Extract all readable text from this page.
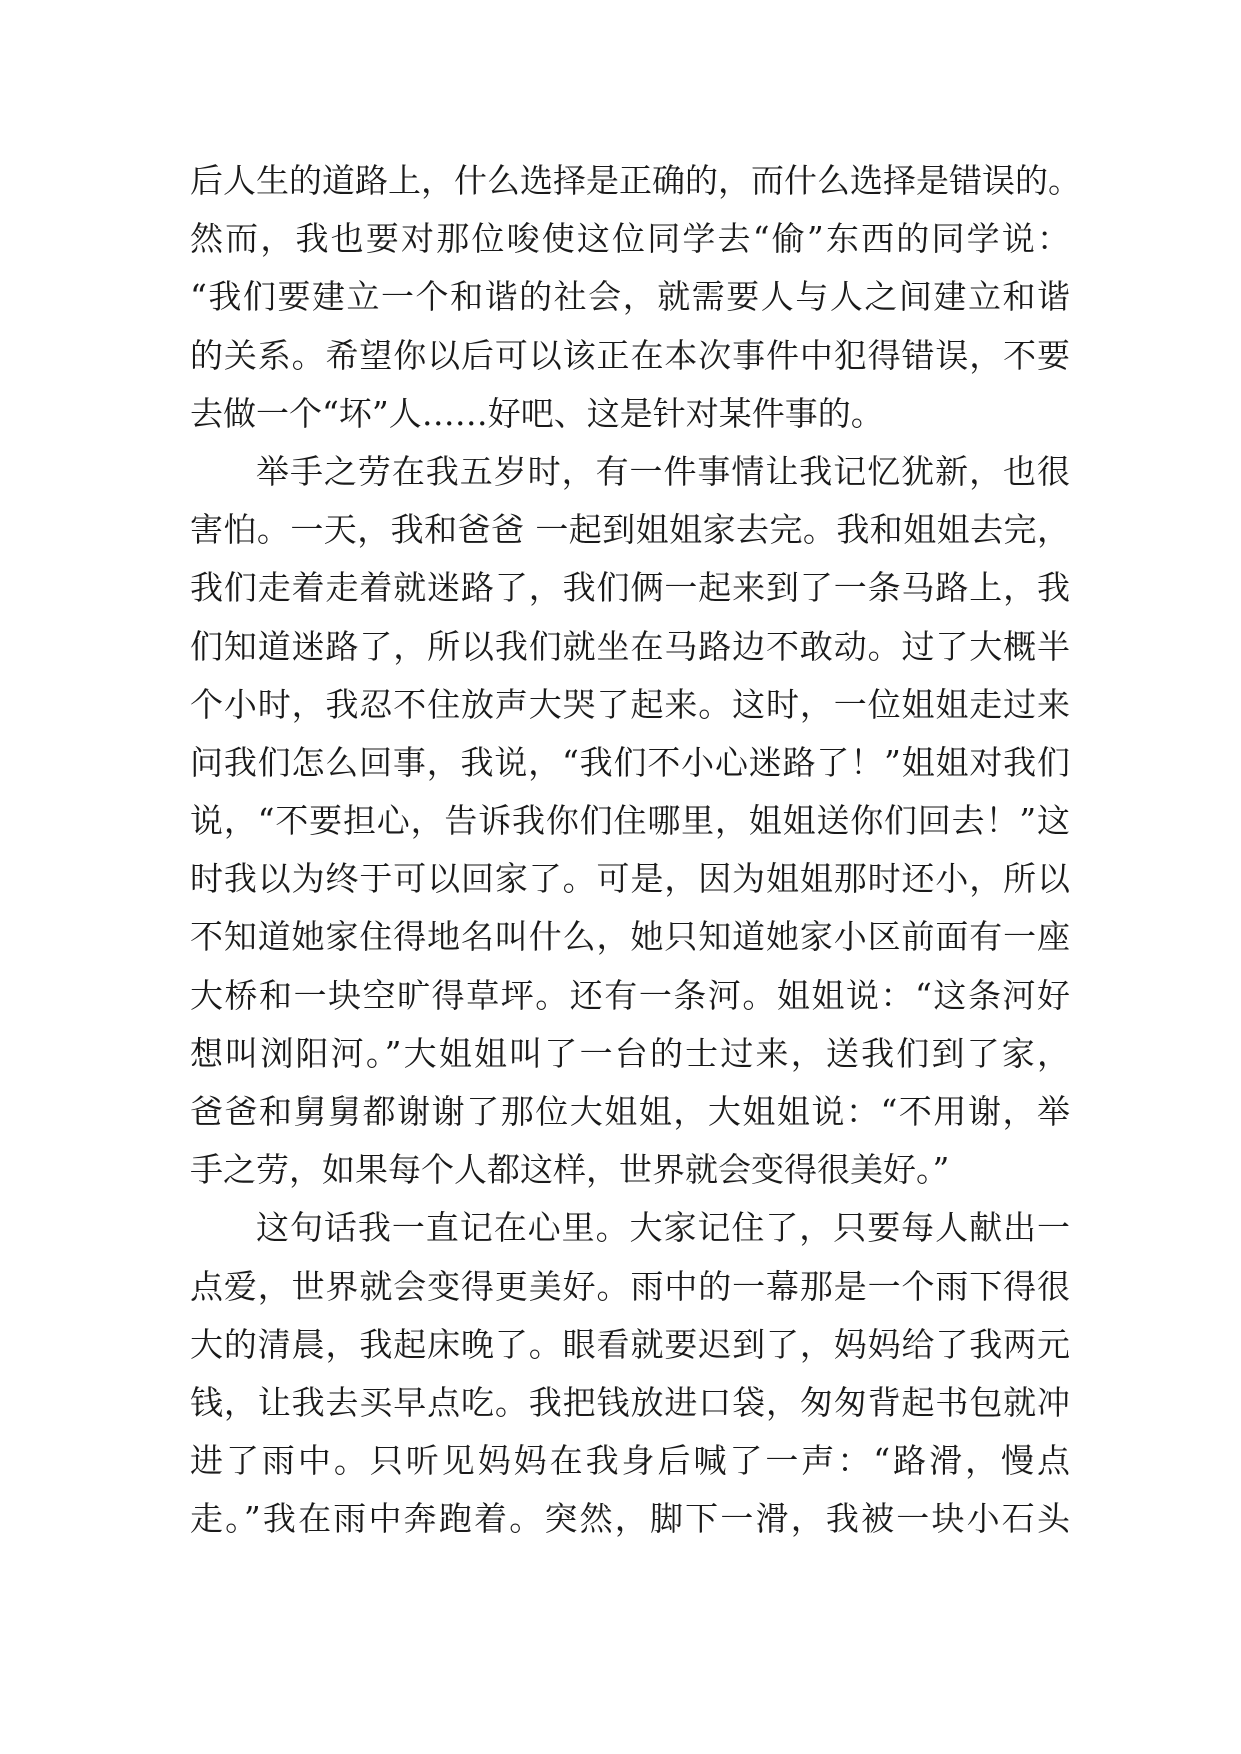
后人生的道路上，什么选择是正确的，而什么选择是错误的。
然而，我也要对那位唆使这位同学去“偷”东西的同学说：
“我们要建立一个和谐的社会，就需要人与人之间建立和谐
的关系。希望你以后可以该正在本次事件中犯得错误，不要
去做一个“坏”人……好吧、这是针对某件事的。
举手之劳在我五岁时，有一件事情让我记忆犹新，也很
害怕。一天，我和爸爸 一起到姐姐家去完。我和姐姐去完，
我们走着走着就迷路了，我们俩一起来到了一条马路上，我
们知道迷路了，所以我们就坐在马路边不敢动。过了大概半
个小时，我忍不住放声大哭了起来。这时，一位姐姐走过来
问我们怎么回事，我说，“我们不小心迷路了！”姐姐对我们
说，“不要担心，告诉我你们住哪里，姐姐送你们回去！”这
时我以为终于可以回家了。可是，因为姐姐那时还小，所以
不知道她家住得地名叫什么，她只知道她家小区前面有一座
大桥和一块空旷得草坪。还有一条河。姐姐说：“这条河好
想叫浏阳河。”大姐姐叫了一台的士过来，送我们到了家，
爸爸和舅舅都谢谢了那位大姐姐，大姐姐说：“不用谢，举
手之劳，如果每个人都这样，世界就会变得很美好。”
这句话我一直记在心里。大家记住了，只要每人献出一
点爱，世界就会变得更美好。雨中的一幕那是一个雨下得很
大的清晨，我起床晚了。眼看就要迟到了，妈妈给了我两元
钱，让我去买早点吃。我把钱放进口袋，匆匆背起书包就冲
进了雨中。只听见妈妈在我身后喊了一声：“路滑，慢点
走。”我在雨中奔跑着。突然，脚下一滑，我被一块小石头
